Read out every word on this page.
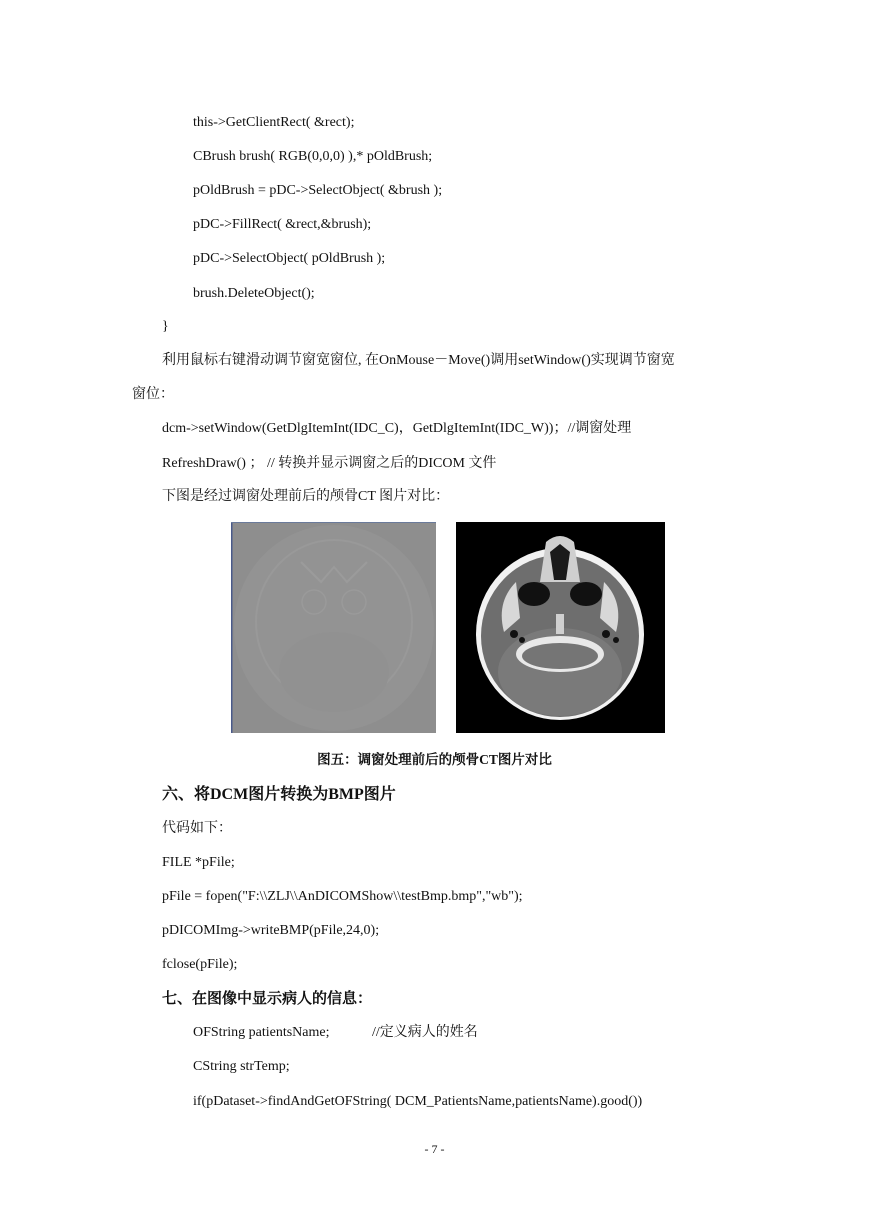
this->GetClientRect( &rect);
CBrush brush( RGB(0,0,0) ),* pOldBrush;
pOldBrush = pDC->SelectObject( &brush );
pDC->FillRect( &rect,&brush);
pDC->SelectObject( pOldBrush );
brush.DeleteObject();
}
利用鼠标右键滑动调节窗宽窗位, 在OnMouse－Move()调用setWindow()实现调节窗宽
窗位：
dcm->setWindow(GetDlgItemInt(IDC_C)，GetDlgItemInt(IDC_W))；//调窗处理
RefreshDraw() ； // 转换并显示调窗之后的DICOM 文件
下图是经过调窗处理前后的颅骨CT 图片对比：
图五：调窗处理前后的颅骨CT图片对比
六、将DCM图片转换为BMP图片
代码如下：
FILE *pFile;
pFile = fopen("F:\\ZLJ\\AnDICOMShow\\testBmp.bmp","wb");
pDICOMImg->writeBMP(pFile,24,0);
fclose(pFile);
七、在图像中显示病人的信息：
OFString patientsName;	//定义病人的姓名
CString strTemp;
if(pDataset->findAndGetOFString( DCM_PatientsName,patientsName).good())
- 7 -
